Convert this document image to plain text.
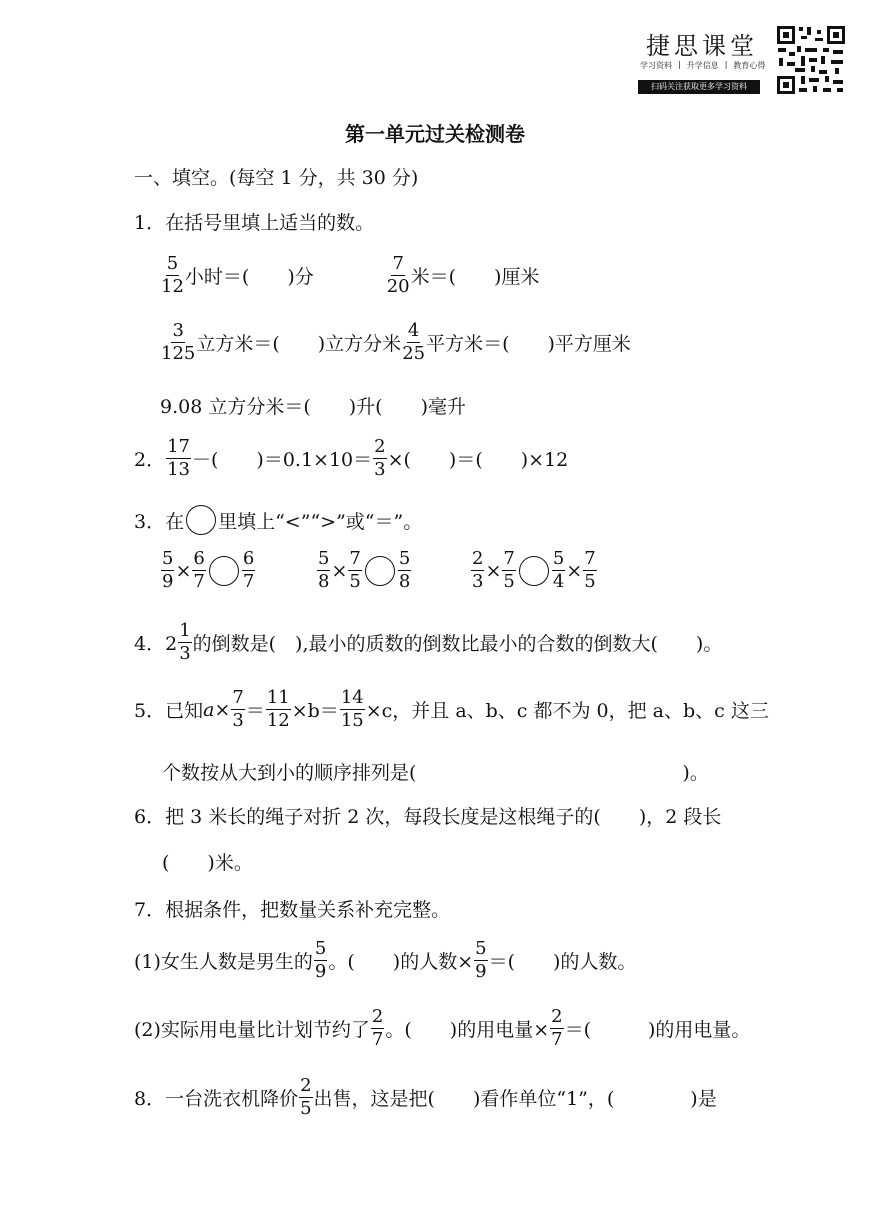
捷思课堂
学习资料 | 升学信息 | 教育心得
扫码关注获取更多学习资料
第一单元过关检测卷
一、填空。(每空 1 分，共 30 分)
1．在括号里填上适当的数。
$\frac{5}{12}$ 小时＝(　　)分	$\frac{7}{20}$ 米＝(　　)厘米
$\frac{3}{125}$ 立方米＝(　　)立方分米 $\frac{4}{25}$ 平方米＝(　　)平方厘米
9.08 立方分米＝(　　)升(　　)毫升
2． $\frac{17}{13}$ －(　　)$=0.1\times 10= \frac{2}{3}$ ×(　　)＝(　　)×12
3．在 里填上“<”“>”或“＝”。
$\frac{5}{9} \times \frac{6}{7} \frac{6}{7}$	$\frac{5}{8} \times \frac{7}{5} \frac{5}{8}$	$\frac{2}{3} \times \frac{7}{5} \frac{5}{4} \times \frac{7}{5}$
4．$2 \frac{1}{3}$ 的倒数是(　),最小的质数的倒数比最小的合数的倒数大(　　)。
5．已知 $a\times \frac{7}{3} = \frac{11}{12} \times b= \frac{14}{15} \times c$，并且 a、b、c 都不为 0，把 a、b、c 这三
个数按从大到小的顺序排列是(　　　　　　　　　　　　　　)。
6．把 3 米长的绳子对折 2 次，每段长度是这根绳子的(　　)，2 段长
(　　)米。
7．根据条件，把数量关系补充完整。
(1)女生人数是男生的 $\frac{5}{9}$ 。(　　)的人数× $\frac{5}{9}$ ＝(　　)的人数。
(2)实际用电量比计划节约了 $\frac{2}{7}$ 。(　　)的用电量× $\frac{2}{7}$ ＝(　　　)的用电量。
8．一台洗衣机降价 $\frac{2}{5}$ 出售，这是把(　　)看作单位“1”，(　　　　)是
